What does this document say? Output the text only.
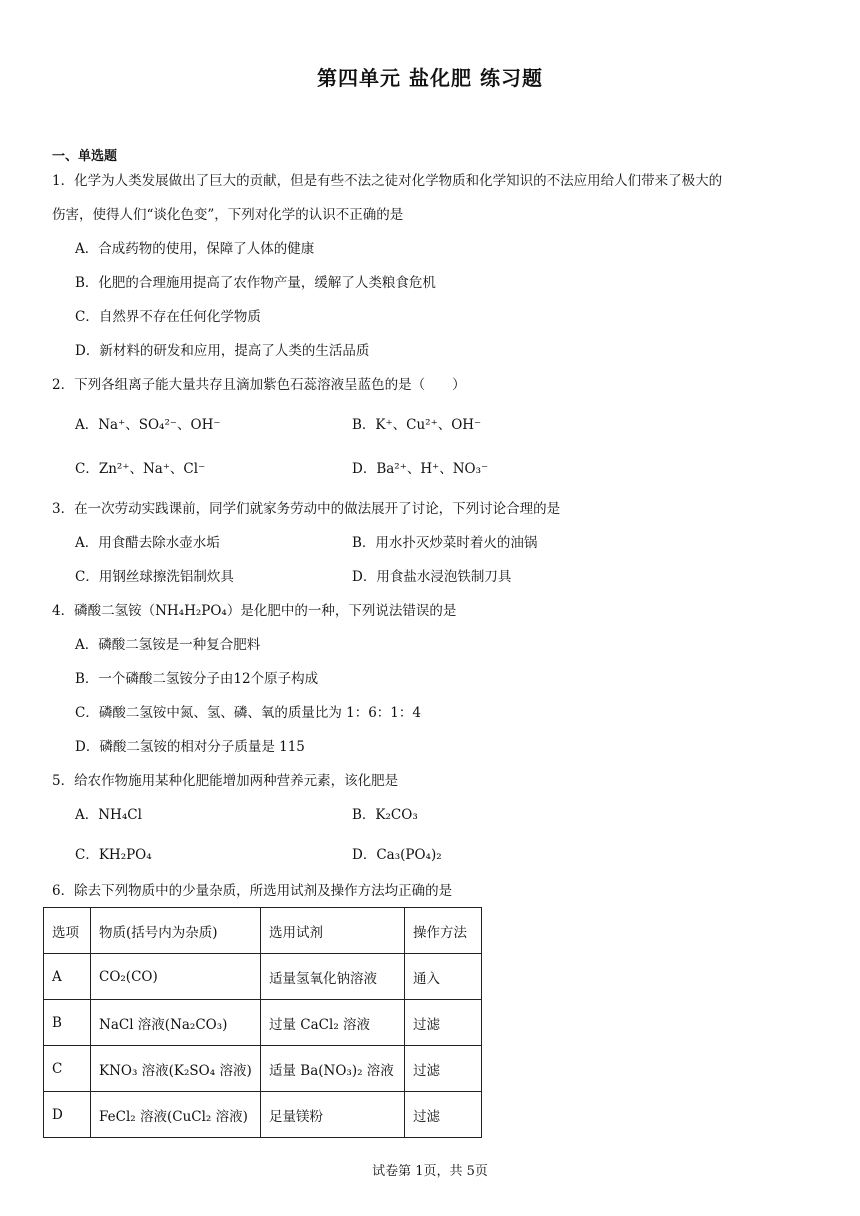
第四单元 盐化肥 练习题
一、单选题
1．化学为人类发展做出了巨大的贡献，但是有些不法之徒对化学物质和化学知识的不法应用给人们带来了极大的
伤害，使得人们“谈化色变”，下列对化学的认识不正确的是
A．合成药物的使用，保障了人体的健康
B．化肥的合理施用提高了农作物产量，缓解了人类粮食危机
C．自然界不存在任何化学物质
D．新材料的研发和应用，提高了人类的生活品质
2．下列各组离子能大量共存且滴加紫色石蕊溶液呈蓝色的是（　　）
A．Na⁺、SO₄²⁻、OH⁻	B．K⁺、Cu²⁺、OH⁻
C．Zn²⁺、Na⁺、Cl⁻	D．Ba²⁺、H⁺、NO₃⁻
3．在一次劳动实践课前，同学们就家务劳动中的做法展开了讨论，下列讨论合理的是
A．用食醋去除水壶水垢	B．用水扑灭炒菜时着火的油锅
C．用钢丝球擦洗铝制炊具	D．用食盐水浸泡铁制刀具
4．磷酸二氢铵（NH₄H₂PO₄）是化肥中的一种，下列说法错误的是
A．磷酸二氢铵是一种复合肥料
B．一个磷酸二氢铵分子由12个原子构成
C．磷酸二氢铵中氮、氢、磷、氧的质量比为 1：6：1：4
D．磷酸二氢铵的相对分子质量是 115
5．给农作物施用某种化肥能增加两种营养元素，该化肥是
A．NH₄Cl	B．K₂CO₃
C．KH₂PO₄	D．Ca₃(PO₄)₂
6．除去下列物质中的少量杂质，所选用试剂及操作方法均正确的是
选项	物质(括号内为杂质)	选用试剂	操作方法
A	CO₂(CO)	适量氢氧化钠溶液	通入
B	NaCl 溶液(Na₂CO₃)	过量 CaCl₂ 溶液	过滤
C	KNO₃ 溶液(K₂SO₄ 溶液)	适量 Ba(NO₃)₂ 溶液	过滤
D	FeCl₂ 溶液(CuCl₂ 溶液)	足量镁粉	过滤
试卷第 1页，共 5页
